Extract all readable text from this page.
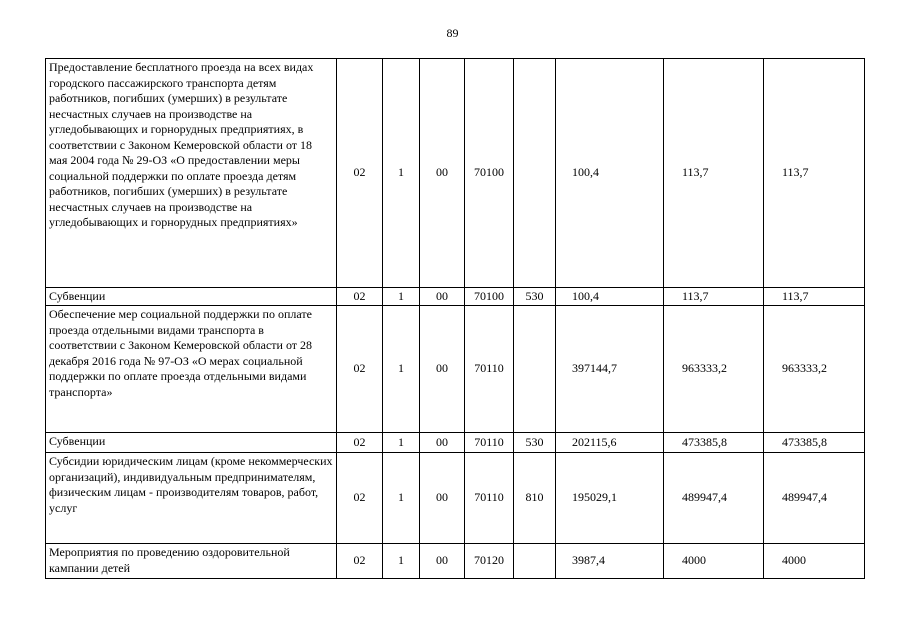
89
Предоставление бесплатного проезда на всех видах городского пассажирского транспорта детям работников, погибших (умерших) в результате несчастных случаев на производстве на угледобывающих и горнорудных предприятиях, в соответствии с Законом Кемеровской области от 18 мая 2004 года № 29-ОЗ «О предоставлении меры социальной поддержки по оплате проезда детям работников, погибших (умерших) в результате несчастных случаев на производстве на угледобывающих и горнорудных предприятиях»	02	1	00	70100		100,4	113,7	113,7
Субвенции	02	1	00	70100	530	100,4	113,7	113,7
Обеспечение мер социальной поддержки по оплате проезда отдельными видами транспорта в соответствии с Законом Кемеровской области от 28 декабря 2016 года № 97-ОЗ «О мерах социальной поддержки по оплате проезда отдельными видами транспорта»	02	1	00	70110		397144,7	963333,2	963333,2
Субвенции	02	1	00	70110	530	202115,6	473385,8	473385,8
Субсидии юридическим лицам (кроме некоммерческих организаций), индивидуальным предпринимателям, физическим лицам - производителям товаров, работ, услуг	02	1	00	70110	810	195029,1	489947,4	489947,4
Мероприятия по проведению оздоровительной кампании детей	02	1	00	70120		3987,4	4000	4000
